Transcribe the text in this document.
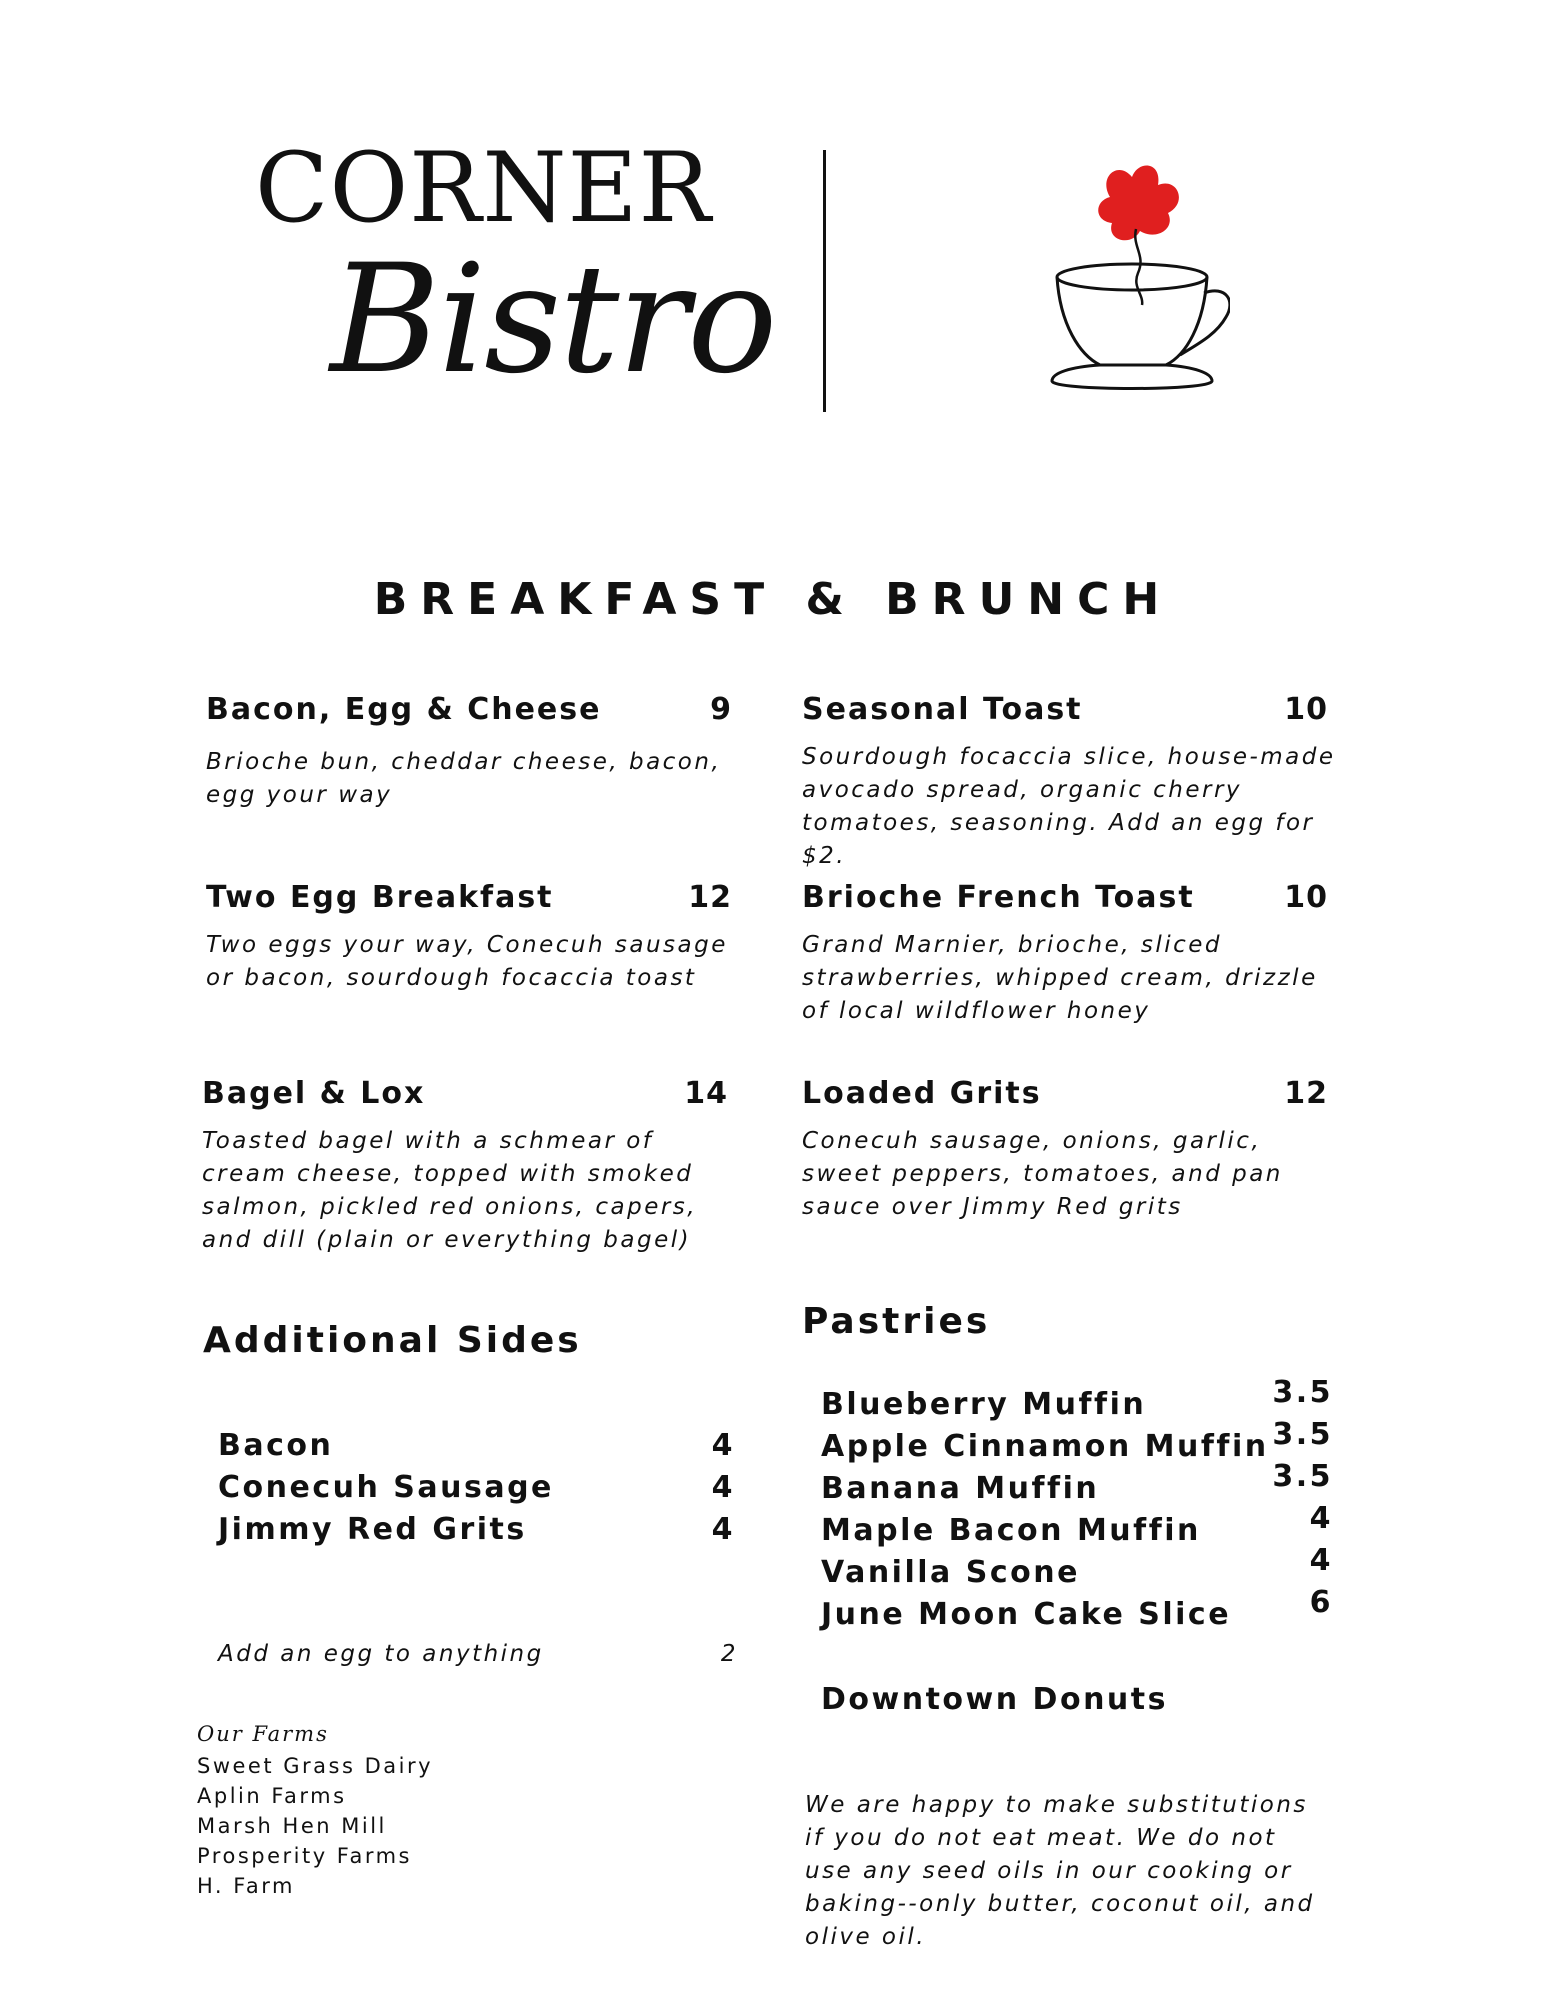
CORNER
Bistro
BREAKFAST & BRUNCH
Bacon, Egg & Cheese	9
Brioche bun, cheddar cheese, bacon, egg your way
Two Egg Breakfast	12
Two eggs your way, Conecuh sausage or bacon, sourdough focaccia toast
Bagel & Lox	14
Toasted bagel with a schmear of cream cheese, topped with smoked salmon, pickled red onions, capers, and dill (plain or everything bagel)
Seasonal Toast	10
Sourdough focaccia slice, house-made avocado spread, organic cherry tomatoes, seasoning. Add an egg for $2.
Brioche French Toast	10
Grand Marnier, brioche, sliced strawberries, whipped cream, drizzle of local wildflower honey
Loaded Grits	12
Conecuh sausage, onions, garlic, sweet peppers, tomatoes, and pan sauce over Jimmy Red grits
Additional Sides
Bacon	4
Conecuh Sausage	4
Jimmy Red Grits	4
Add an egg to anything	2
Our Farms
Sweet Grass Dairy
Aplin Farms
Marsh Hen Mill
Prosperity Farms
H. Farm
Pastries
Blueberry Muffin	3.5
Apple Cinnamon Muffin 3.5
Banana Muffin	3.5
Maple Bacon Muffin	4
Vanilla Scone	4
June Moon Cake Slice	6
Downtown Donuts
We are happy to make substitutions if you do not eat meat. We do not use any seed oils in our cooking or baking--only butter, coconut oil, and olive oil.
